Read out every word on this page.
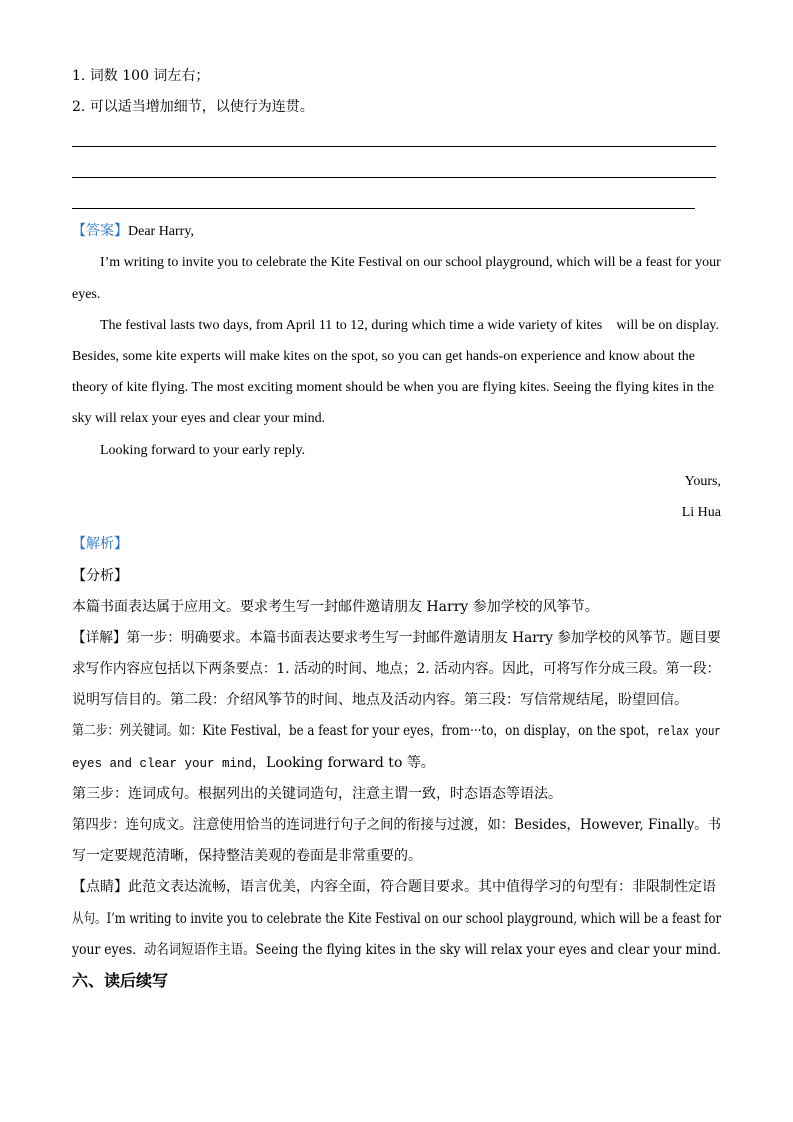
1. 词数 100 词左右；
2. 可以适当增加细节，以使行为连贯。
【答案】Dear Harry,
I’m writing to invite you to celebrate the Kite Festival on our school playground, which will be a feast for your
eyes.
The festival lasts two days, from April 11 to 12, during which time a wide variety of kites    will be on display.
Besides, some kite experts will make kites on the spot, so you can get hands-on experience and know about the
theory of kite flying. The most exciting moment should be when you are flying kites. Seeing the flying kites in the
sky will relax your eyes and clear your mind.
Looking forward to your early reply.
Yours,
Li Hua
【解析】
【分析】
本篇书面表达属于应用文。要求考生写一封邮件邀请朋友 Harry 参加学校的风筝节。
【详解】第一步：明确要求。本篇书面表达要求考生写一封邮件邀请朋友 Harry 参加学校的风筝节。题目要
求写作内容应包括以下两条要点：1. 活动的时间、地点；2. 活动内容。因此，可将写作分成三段。第一段：
说明写信目的。第二段：介绍风筝节的时间、地点及活动内容。第三段：写信常规结尾，盼望回信。
第二步：列关键词。如：Kite Festival，be a feast for your eyes，from···to，on display，on the spot，relax your
eyes and clear your mind，Looking forward to 等。
第三步：连词成句。根据列出的关键词造句，注意主谓一致，时态语态等语法。
第四步：连句成文。注意使用恰当的连词进行句子之间的衔接与过渡，如：Besides，However, Finally。书
写一定要规范清晰，保持整洁美观的卷面是非常重要的。
【点睛】此范文表达流畅，语言优美，内容全面，符合题目要求。其中值得学习的句型有：非限制性定语
从句。I’m writing to invite you to celebrate the Kite Festival on our school playground, which will be a feast for
your eyes.  动名词短语作主语。Seeing the flying kites in the sky will relax your eyes and clear your mind.
六、读后续写
